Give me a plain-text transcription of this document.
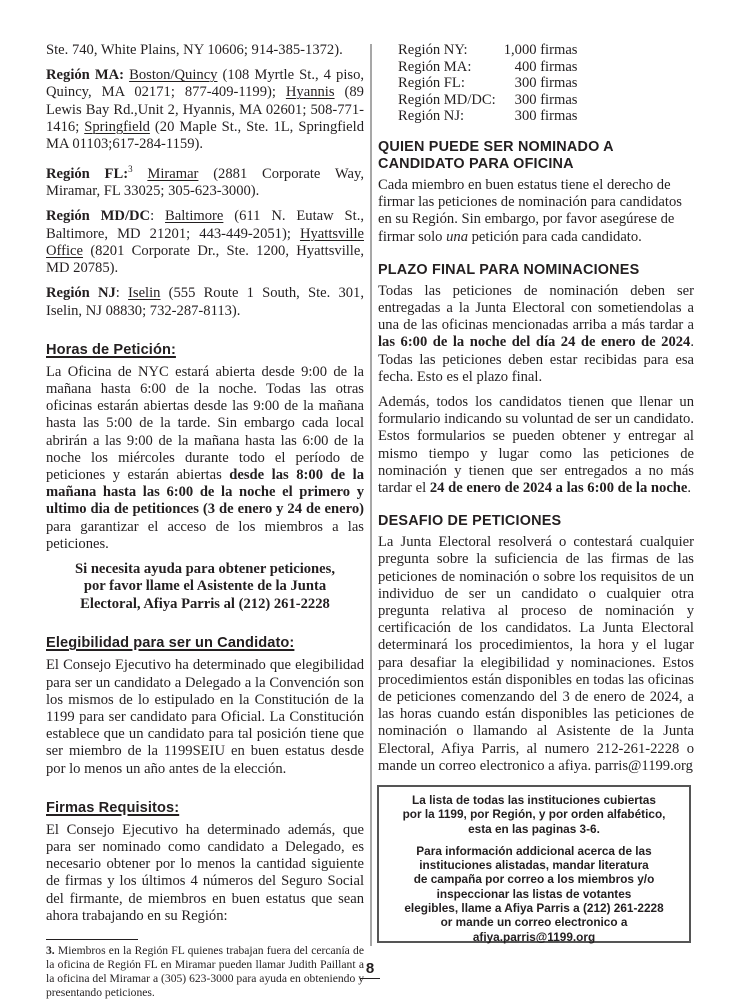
Ste. 740, White Plains, NY 10606; 914-385-1372).

Región MA: Boston/Quincy (108 Myrtle St., 4 piso, Quincy, MA 02171; 877-409-1199); Hyannis (89 Lewis Bay Rd.,Unit 2, Hyannis, MA 02601; 508-771-1416; Springfield (20 Maple St., Ste. 1L, Springfield MA 01103;617-284-1159).

Región FL:$^3$ Miramar (2881 Corporate Way, Miramar, FL 33025; 305-623-3000).

Región MD/DC: Baltimore (611 N. Eutaw St., Baltimore, MD 21201; 443-449-2051); Hyattsville Office (8201 Corporate Dr., Ste. 1200, Hyattsville, MD 20785).

Región NJ: Iselin (555 Route 1 South, Ste. 301, Iselin, NJ 08830; 732-287-8113).

Horas de Petición:

La Oficina de NYC estará abierta desde 9:00 de la mañana hasta 6:00 de la noche. Todas las otras oficinas estarán abiertas desde las 9:00 de la mañana hasta las 5:00 de la tarde. Sin embargo cada local abrirán a las 9:00 de la mañana hasta las 6:00 de la noche los miércoles durante todo el período de peticiones y estarán abiertas desde las 8:00 de la mañana hasta las 6:00 de la noche el primero y ultimo dia de petitionces (3 de enero y 24 de enero) para garantizar el acceso de los miembros a las peticiones.

Si necesita ayuda para obtener peticiones,
por favor llame el Asistente de la Junta
Electoral, Afiya Parris al (212) 261-2228
Elegibilidad para ser un Candidato:

El Consejo Ejecutivo ha determinado que elegibilidad para ser un candidato a Delegado a la Convención son los mismos de lo estipulado en la Constitución de la 1199 para ser candidato para Oficial. La Constitución establece que un candidato para tal posición tiene que ser miembro de la 1199SEIU en buen estatus desde por lo menos un año antes de la elección.

Firmas Requisitos:

El Consejo Ejecutivo ha determinado además, que para ser nominado como candidato a Delegado, es necesario obtener por lo menos la cantidad siguiente de firmas y los últimos 4 números del Seguro Social del firmante, de miembros en buen estatus que sean ahora trabajando en su Región:

3. Miembros en la Región FL quienes trabajan fuera del cercanía de la oficina de Región FL en Miramar pueden llamar Judith Paillant a la oficina del Miramar a (305) 623-3000 para ayuda en obteniendo y presentando peticiones.

Región NY:	1,000 firmas
Región MA:	400 firmas
Región FL:	300 firmas
Región MD/DC:	300 firmas
Región NJ:	300 firmas
QUIEN PUEDE SER NOMINADO A
CANDIDATO PARA OFICINA

Cada miembro en buen estatus tiene el derecho de firmar las peticiones de nominación para candidatos en su Región. Sin embargo, por favor asegúrese de firmar solo una petición para cada candidato.

PLAZO FINAL PARA NOMINACIONES

Todas las peticiones de nominación deben ser entregadas a la Junta Electoral con sometiendolas a una de las oficinas mencionadas arriba a más tardar a las 6:00 de la noche del día 24 de enero de 2024. Todas las peticiones deben estar recibidas para esa fecha. Esto es el plazo final.

Además, todos los candidatos tienen que llenar un formulario indicando su voluntad de ser un candidato. Estos formularios se pueden obtener y entregar al mismo tiempo y lugar como las peticiones de nominación y tienen que ser entregados a no más tardar el 24 de enero de 2024 a las 6:00 de la noche.

DESAFIO DE PETICIONES

La Junta Electoral resolverá o contestará cualquier pregunta sobre la suficiencia de las firmas de las peticiones de nominación o sobre los requisitos de un individuo de ser un candidato o cualquier otra pregunta relativa al proceso de nominación y certificación de los candidatos. La Junta Electoral determinará los procedimientos, la hora y el lugar para desafiar la elegibilidad y nominaciones. Estos procedimientos están disponibles en todas las oficinas de peticiones comenzando del 3 de enero de 2024, a las horas cuando están disponibles las peticiones de nominación o llamando al Asistente de la Junta Electoral, Afiya Parris, al numero 212-261-2228 o mande un correo electronico a afiya. parris@1199.org

La lista de todas las instituciones cubiertas
por la 1199, por Región, y por orden alfabético,
esta en las paginas 3-6.

Para información addicional acerca de las
instituciones alistadas, mandar literatura
de campaña por correo a los miembros y/o
inspeccionar las listas de votantes
elegibles, llame a Afiya Parris a (212) 261-2228
or mande un correo electronico a
afiya.parris@1199.org

8
